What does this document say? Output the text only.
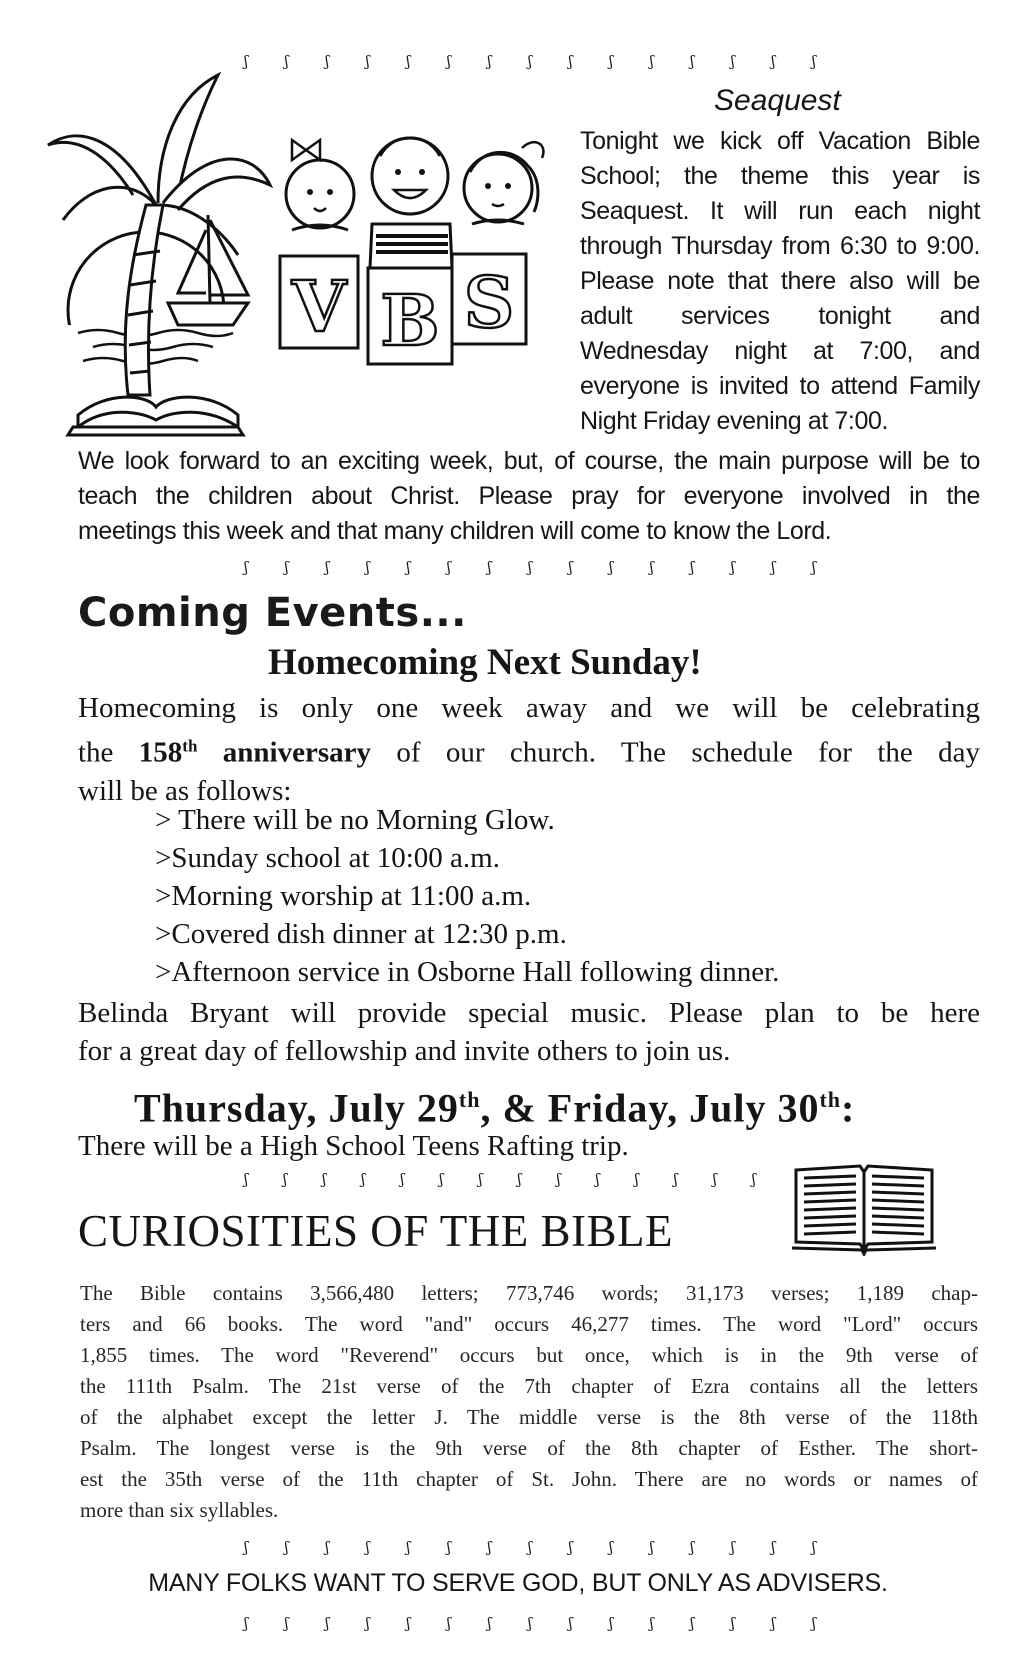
ʃ ʃ ʃ ʃ ʃ ʃ ʃ ʃ ʃ ʃ ʃ ʃ ʃ ʃ ʃ
V B S
Seaquest
Tonight we kick off Vacation Bible
School; the theme this year is
Seaquest. It will run each night
through Thursday from 6:30 to 9:00.
Please note that there also will be
adult services tonight and
Wednesday night at 7:00, and
everyone is invited to attend Family
Night Friday evening at 7:00.
We look forward to an exciting week, but, of course, the main purpose will be to
teach the children about Christ. Please pray for everyone involved in the
meetings this week and that many children will come to know the Lord.
ʃ ʃ ʃ ʃ ʃ ʃ ʃ ʃ ʃ ʃ ʃ ʃ ʃ ʃ ʃ
Coming Events...
Homecoming Next Sunday!
Homecoming is only one week away and we will be celebrating
the 158th anniversary of our church. The schedule for the day
will be as follows:
> There will be no Morning Glow.
>Sunday school at 10:00 a.m.
>Morning worship at 11:00 a.m.
>Covered dish dinner at 12:30 p.m.
>Afternoon service in Osborne Hall following dinner.
Belinda Bryant will provide special music. Please plan to be here
for a great day of fellowship and invite others to join us.
Thursday, July 29th, & Friday, July 30th:
There will be a High School Teens Rafting trip.
ʃ ʃ ʃ ʃ ʃ ʃ ʃ ʃ ʃ ʃ ʃ ʃ ʃ ʃ
CURIOSITIES OF THE BIBLE
The Bible contains 3,566,480 letters; 773,746 words; 31,173 verses; 1,189 chap-
ters and 66 books. The word "and" occurs 46,277 times. The word "Lord" occurs
1,855 times. The word "Reverend" occurs but once, which is in the 9th verse of
the 111th Psalm. The 21st verse of the 7th chapter of Ezra contains all the letters
of the alphabet except the letter J. The middle verse is the 8th verse of the 118th
Psalm. The longest verse is the 9th verse of the 8th chapter of Esther. The short-
est the 35th verse of the 11th chapter of St. John. There are no words or names of
more than six syllables.
ʃ ʃ ʃ ʃ ʃ ʃ ʃ ʃ ʃ ʃ ʃ ʃ ʃ ʃ ʃ
MANY FOLKS WANT TO SERVE GOD, BUT ONLY AS ADVISERS.
ʃ ʃ ʃ ʃ ʃ ʃ ʃ ʃ ʃ ʃ ʃ ʃ ʃ ʃ ʃ
